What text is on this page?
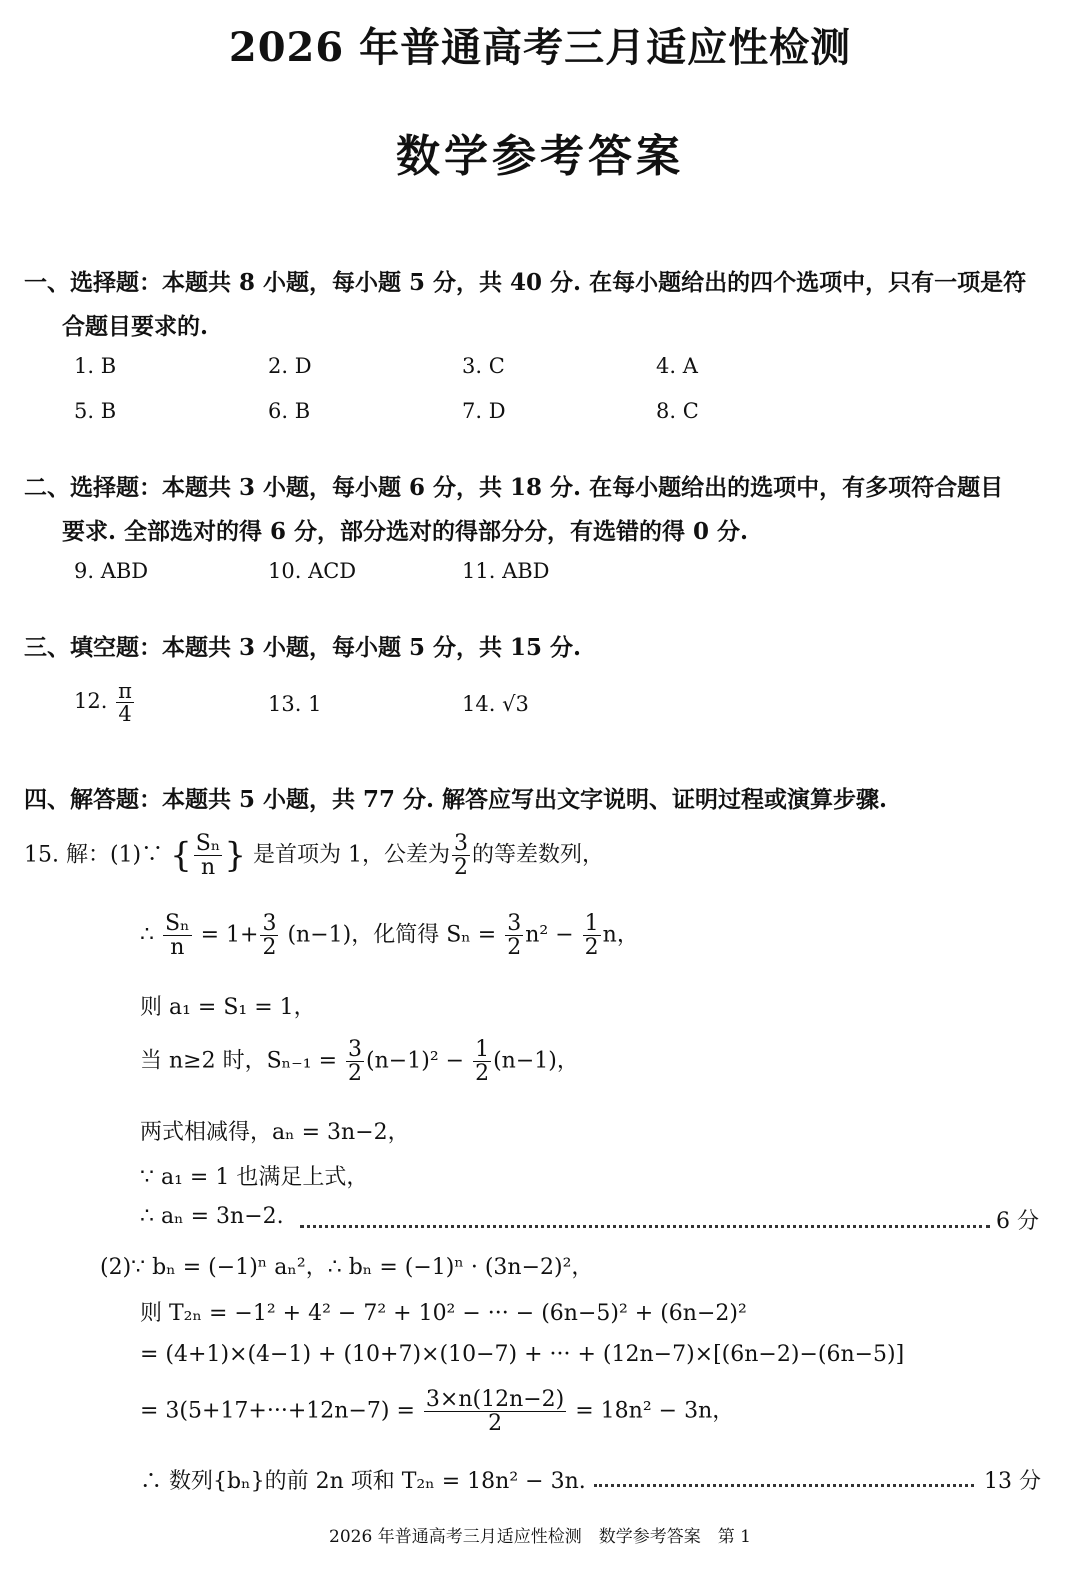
2026 年普通高考三月适应性检测
数学参考答案
一、选择题：本题共 8 小题，每小题 5 分，共 40 分. 在每小题给出的四个选项中，只有一项是符
合题目要求的.
1. B	2. D	3. C	4. A
5. B	6. B	7. D	8. C
二、选择题：本题共 3 小题，每小题 6 分，共 18 分. 在每小题给出的选项中，有多项符合题目
要求. 全部选对的得 6 分，部分选对的得部分分，有选错的得 0 分.
9. ABD	10. ACD	11. ABD
三、填空题：本题共 3 小题，每小题 5 分，共 15 分.
12. $\frac{\pi}{4}$	13. 1	14. √3
四、解答题：本题共 5 小题，共 77 分. 解答应写出文字说明、证明过程或演算步骤.
15. 解：(1)∵ { $\frac{\text{Sₙ}}{n}$ } 是首项为 1，公差为 $\frac{3}{2}$ 的等差数列，
∴ $\frac{\text{Sₙ}}{n} = 1+ \frac{3}{2} (n-1)$，化简得 $S_n = \frac{3}{2} n^2 - \frac{1}{2}$ n，
则 a₁ = S₁ = 1，
当 n≥2 时，$S_{n-1} = \frac{3}{2} (n-1)^2 - \frac{1}{2} (n-1)$，
两式相减得，aₙ = 3n−2，
∵ a₁ = 1 也满足上式，
∴ aₙ = 3n−2.	6 分
(2)∵ bₙ = (−1)ⁿ aₙ²，∴ bₙ = (−1)ⁿ · (3n−2)²，
则 T₂ₙ = −1² + 4² − 7² + 10² − ··· − (6n−5)² + (6n−2)²
= (4+1)×(4−1) + (10+7)×(10−7) + ··· + (12n−7)×[(6n−2)−(6n−5)]
= $3(5+17+\cdot\cdot\cdot+12n-7) = \frac{3\times n(12n-2)}{2} = 18n^2 - 3n$，
∴ 数列{bₙ}的前 2n 项和 T₂ₙ = 18n² − 3n.	13 分
2026 年普通高考三月适应性检测　数学参考答案　第 1
